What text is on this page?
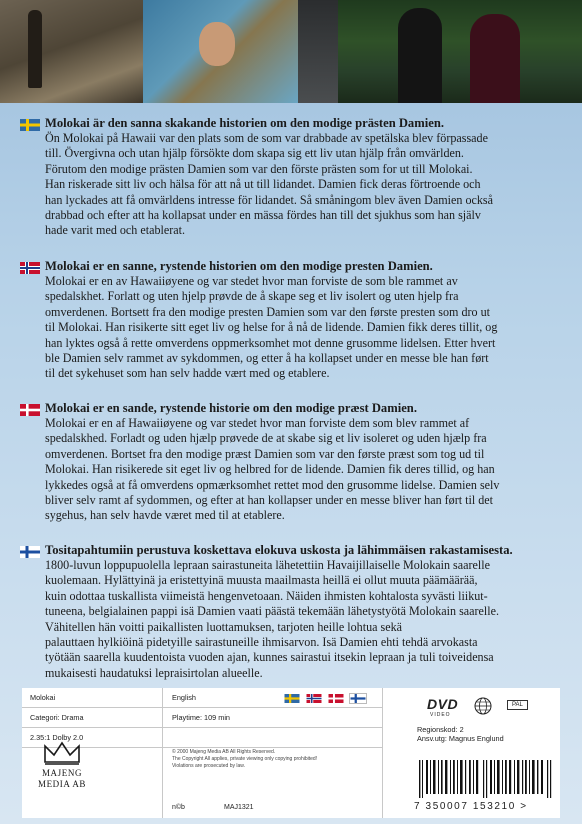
Molokai är den sanna skakande historien om den modige prästen Damien.

Ön Molokai på Hawaii var den plats som de som var drabbade av spetälska blev förpassade
till. Övergivna och utan hjälp försökte dom skapa sig ett liv utan hjälp från omvärlden.
Förutom den modige prästen Damien som var den förste prästen som for ut till Molokai.
Han riskerade sitt liv och hälsa för att nå ut till lidandet. Damien fick deras förtroende och
han lyckades att få omvärldens intresse för lidandet. Så småningom blev även Damien också
drabbad och efter att ha kollapsat under en mässa fördes han till det sjukhus som han själv
hade varit med och etablerat.

Molokai er en sanne, rystende historien om den modige presten Damien.

Molokai er en av Hawaiiøyene og var stedet hvor man forviste de som ble rammet av
spedalskhet. Forlatt og uten hjelp prøvde de å skape seg et liv isolert og uten hjelp fra
omverdenen. Bortsett fra den modige presten Damien som var den første presten som dro ut
til Molokai. Han risikerte sitt eget liv og helse for å nå de lidende. Damien fikk deres tillit, og
han lyktes også å rette omverdens oppmerksomhet mot denne grusomme lidelsen. Etter hvert
ble Damien selv rammet av sykdommen, og etter å ha kollapset under en messe ble han ført
til det sykehuset som han selv hadde vært med og etablere.

Molokai er en sande, rystende historie om den modige præst Damien.

Molokai er en af Hawaiiøyene og var stedet hvor man forviste dem som blev rammet af
spedalskhed. Forladt og uden hjælp prøvede de at skabe sig et liv isoleret og uden hjælp fra
omverdenen. Bortset fra den modige præst Damien som var den første præst som tog ud til
Molokai. Han risikerede sit eget liv og helbred for de lidende. Damien fik deres tillid, og han
lykkedes også at få omverdens opmærksomhet rettet mod den grusomme lidelse. Damien selv
bliver selv ramt af sydommen, og efter at han kollapser under en messe bliver han ført til det
sygehus, han selv havde været med til at etablere.

Tositapahtumiin perustuva koskettava elokuva uskosta ja lähimmäisen rakastamisesta.

1800-luvun loppupuolella lepraan sairastuneita lähetettiin Havaijillaiselle Molokain saarelle
kuolemaan. Hylättyinä ja eristettyinä muusta maailmasta heillä ei ollut muuta päämäärää,
kuin odottaa tuskallista viimeistä hengenvetoaan. Näiden ihmisten kohtalosta syvästi liikut-
tuneena, belgialainen pappi isä Damien vaati päästä tekemään lähetystyötä Molokain saarelle.
Vähitellen hän voitti paikallisten luottamuksen, tarjoten heille lohtua sekä
palauttaen hylkiöinä pidetyille sairastuneille ihmisarvon. Isä Damien ehti tehdä arvokasta
työtään saarella kuudentoista vuoden ajan, kunnes sairastui itsekin lepraan ja tuli toiveidensa
mukaisesti haudatuksi lepraisirtolan alueelle.
Molokai	English
Categori: Drama	Playtime: 109 min
2.35:1 Dolby 2.0
MAJENG
MEDIA AB
© 2000 Majeng Media AB All Rights Reserved.
The Copyright All applies, private viewing only copying prohibited!
Violations are prosecuted by law.
n©b	MAJ1321
DVD
VIDEO
PAL
Regionskod: 2
Ansv.utg: Magnus Englund
7 350007 153210 >
